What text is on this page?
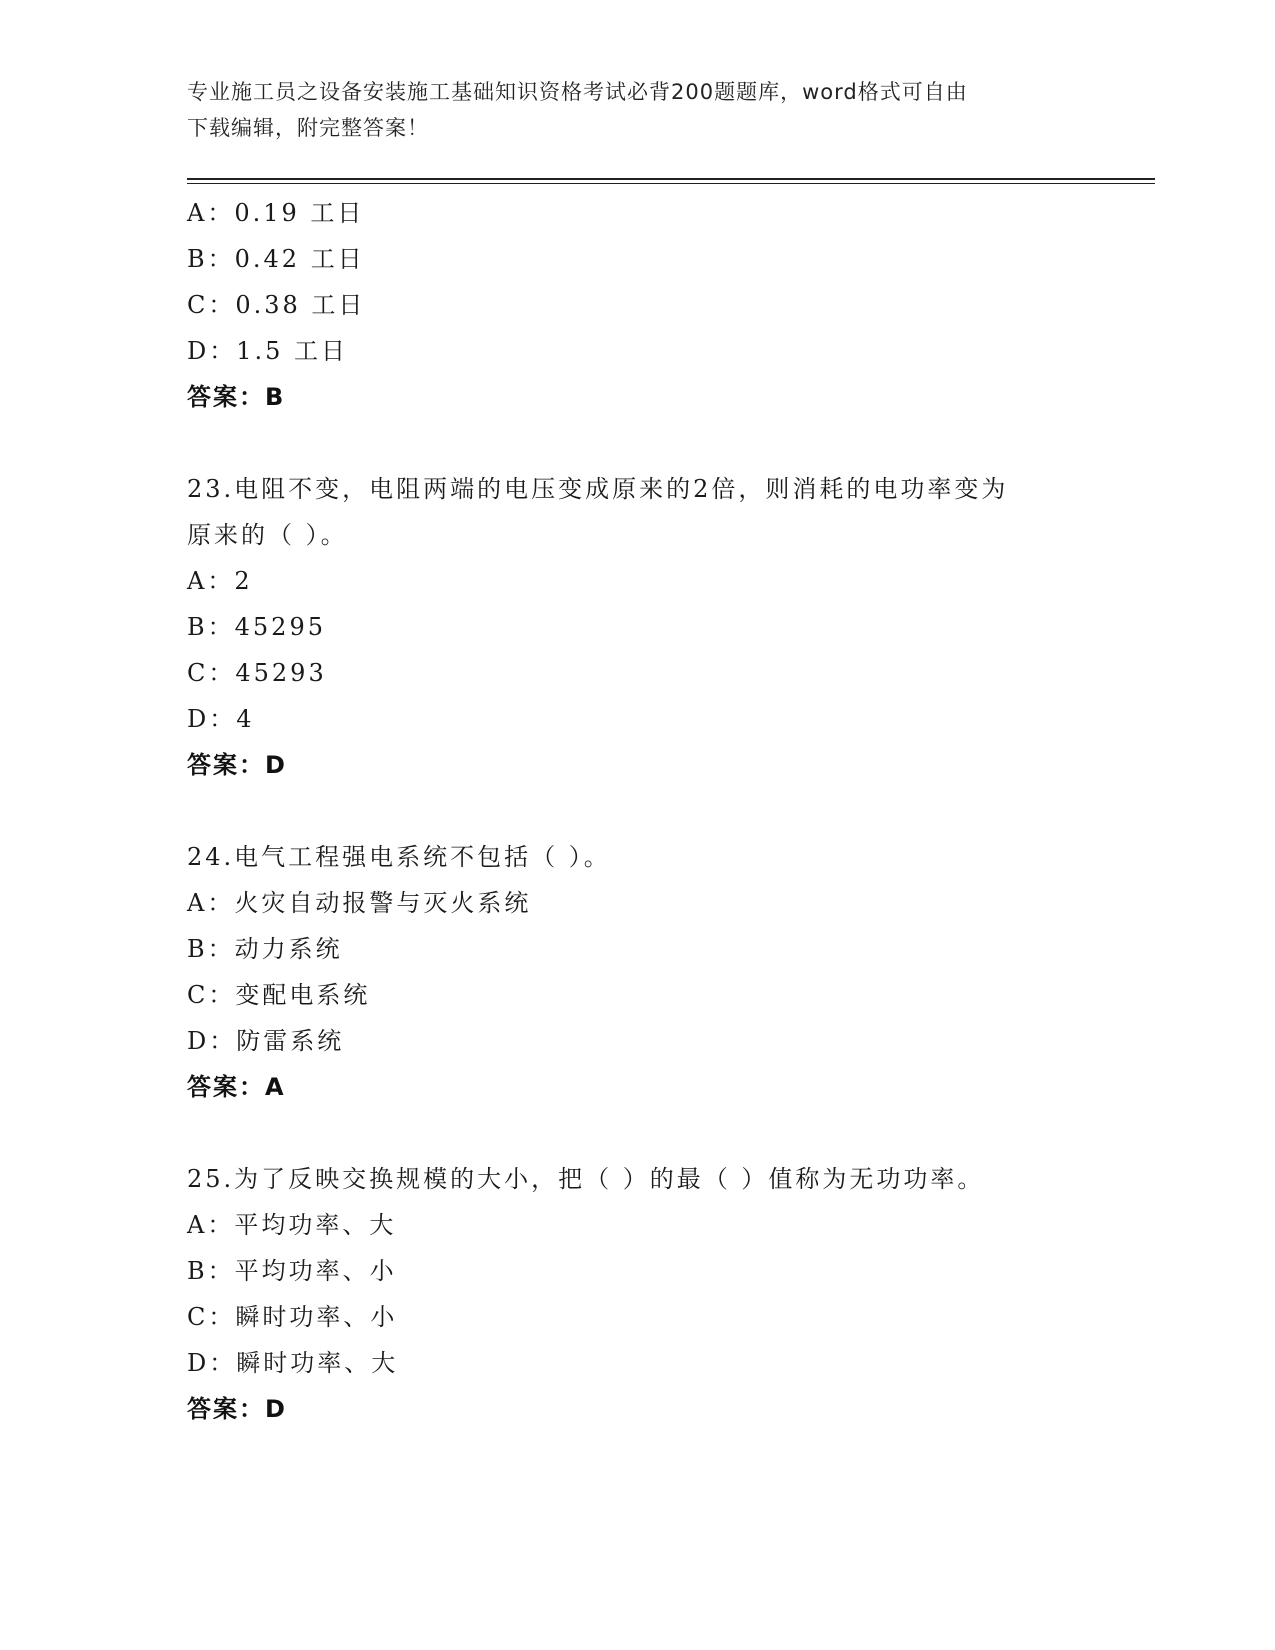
专业施工员之设备安装施工基础知识资格考试必背200题题库，word格式可自由
下载编辑，附完整答案！
A：0.19 工日
B：0.42 工日
C：0.38 工日
D：1.5 工日
答案：B
23.电阻不变，电阻两端的电压变成原来的2倍，则消耗的电功率变为
原来的（ ）。
A：2
B：45295
C：45293
D：4
答案：D
24.电气工程强电系统不包括（ ）。
A：火灾自动报警与灭火系统
B：动力系统
C：变配电系统
D：防雷系统
答案：A
25.为了反映交换规模的大小，把（ ）的最（ ）值称为无功功率。
A：平均功率、大
B：平均功率、小
C：瞬时功率、小
D：瞬时功率、大
答案：D
